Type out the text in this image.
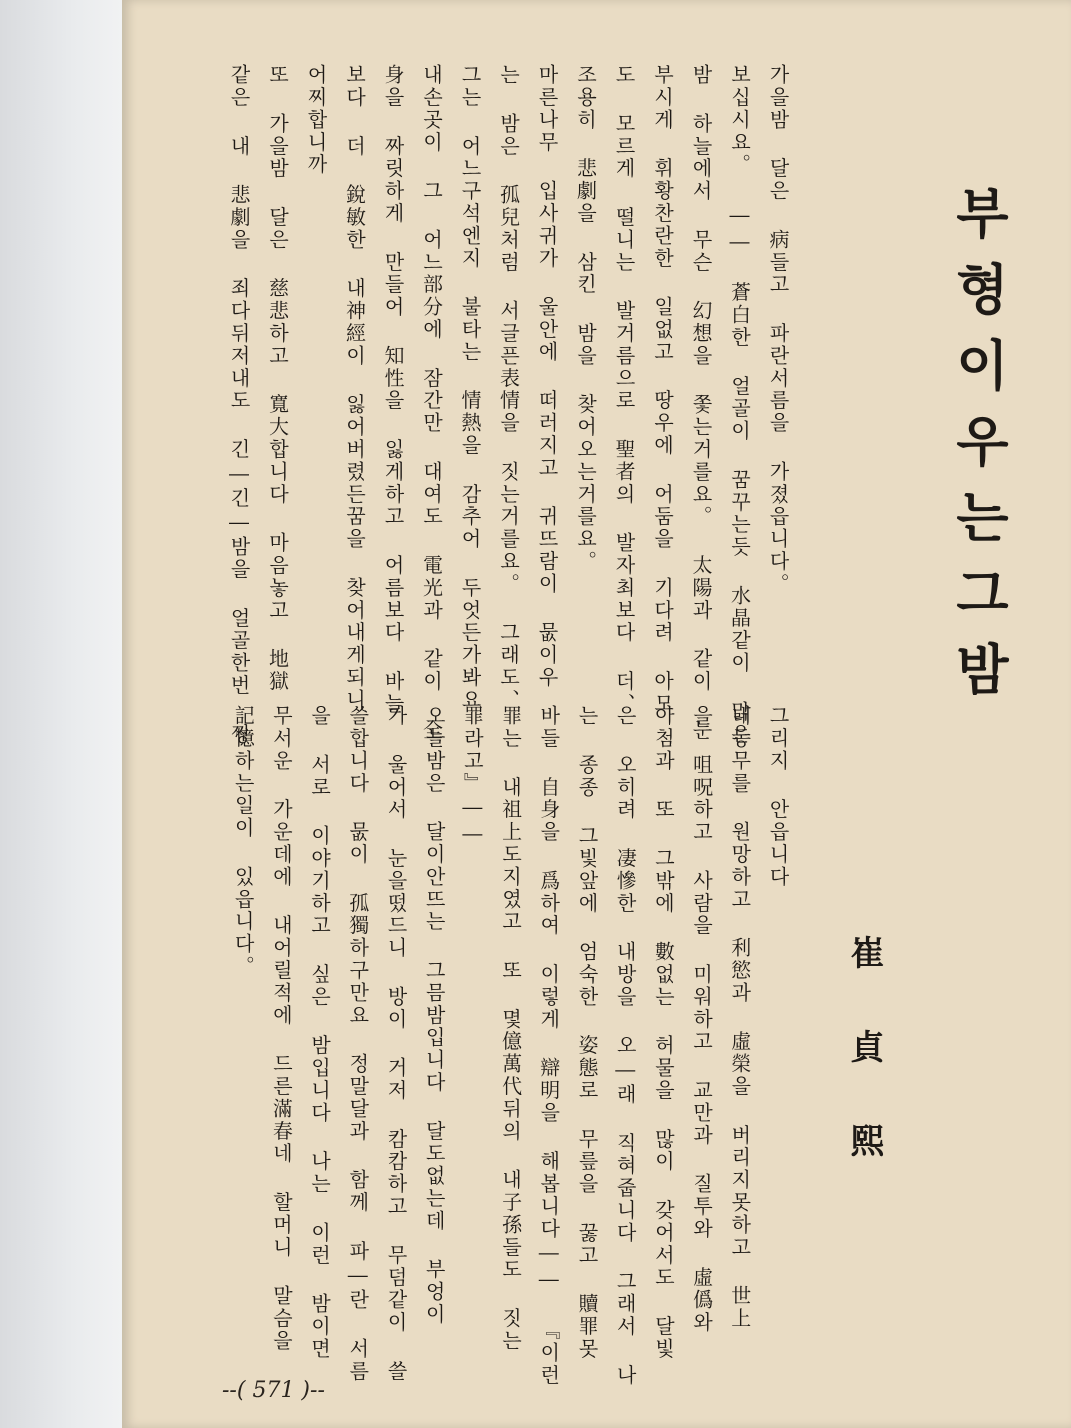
부형이우는그밤
崔貞熙
가을밤 달은 病들고 파란서름을 가졌읍니다。
보십시요。 ―― 蒼白한 얼골이 꿈꾸는듯 水晶같이 맑은
밤 하늘에서 무슨 幻想을 쫓는거를요。 太陽과 같이 눈
부시게 휘황찬란한 일없고 땅우에 어둠을 기다려 아모
도 모르게 떨니는 발거름으로 聖者의 발자최보다 더、
조용히 悲劇을 삼킨 밤을 찾어오는거를요。
마른나무 입사귀가 울안에 떠러지고 귀뜨람이 뭆이우
는 밤은 孤兒처럼 서글픈表情을 짓는거를요。 그래도、
그는 어느구석엔지 불타는 情熱을 감추어 두엇든가봐요
내손곳이 그 어느部分에 잠간만 대여도 電光과 같이 全
身을 짜릿하게 만들어 知性을 잃게하고 어름보다 바늘
보다 더 銳敏한 내神經이 잃어버렸든꿈을 찾어내게되니
어찌합니까
또 가을밤 달은 慈悲하고 寬大합니다 마음놓고 地獄
같은 내 悲劇을 죄다뒤저내도 긴―긴―밤을 얼골한번 찡
그리지 안읍니다
내동무를 원망하고 利慾과 虛榮을 버리지못하고 世上
을 咀呪하고 사람을 미워하고 교만과 질투와 虛僞와
아첨과 또 그밖에 數없는 허물을 많이 갖어서도 달빛
은 오히려 凄慘한 내방을 오―래 직혀줍니다 그래서 나
는 종종 그빛앞에 엄숙한 姿態로 무릎을 꿇고 贖罪못
바들 自身을 爲하여 이렇게 辯明을 해봅니다―― 『이런
罪는 내祖上도지였고 또 몇億萬代뒤의 내子孫들도 짓는
罪라고』――
오늘밤은 달이안뜨는 그믐밤입니다 달도없는데 부엉이
가 울어서 눈을떴드니 방이 거저 캄캄하고 무덤같이 쓸
쓸합니다 뭆이 孤獨하구만요 정말달과 함께 파―란 서름
을 서로 이야기하고 싶은 밤입니다 나는 이런 밤이면
무서운 가운데에 내어릴적에 드른滿春네 할머니 말슴을
記憶하는일이 있읍니다。
--( 571 )--
